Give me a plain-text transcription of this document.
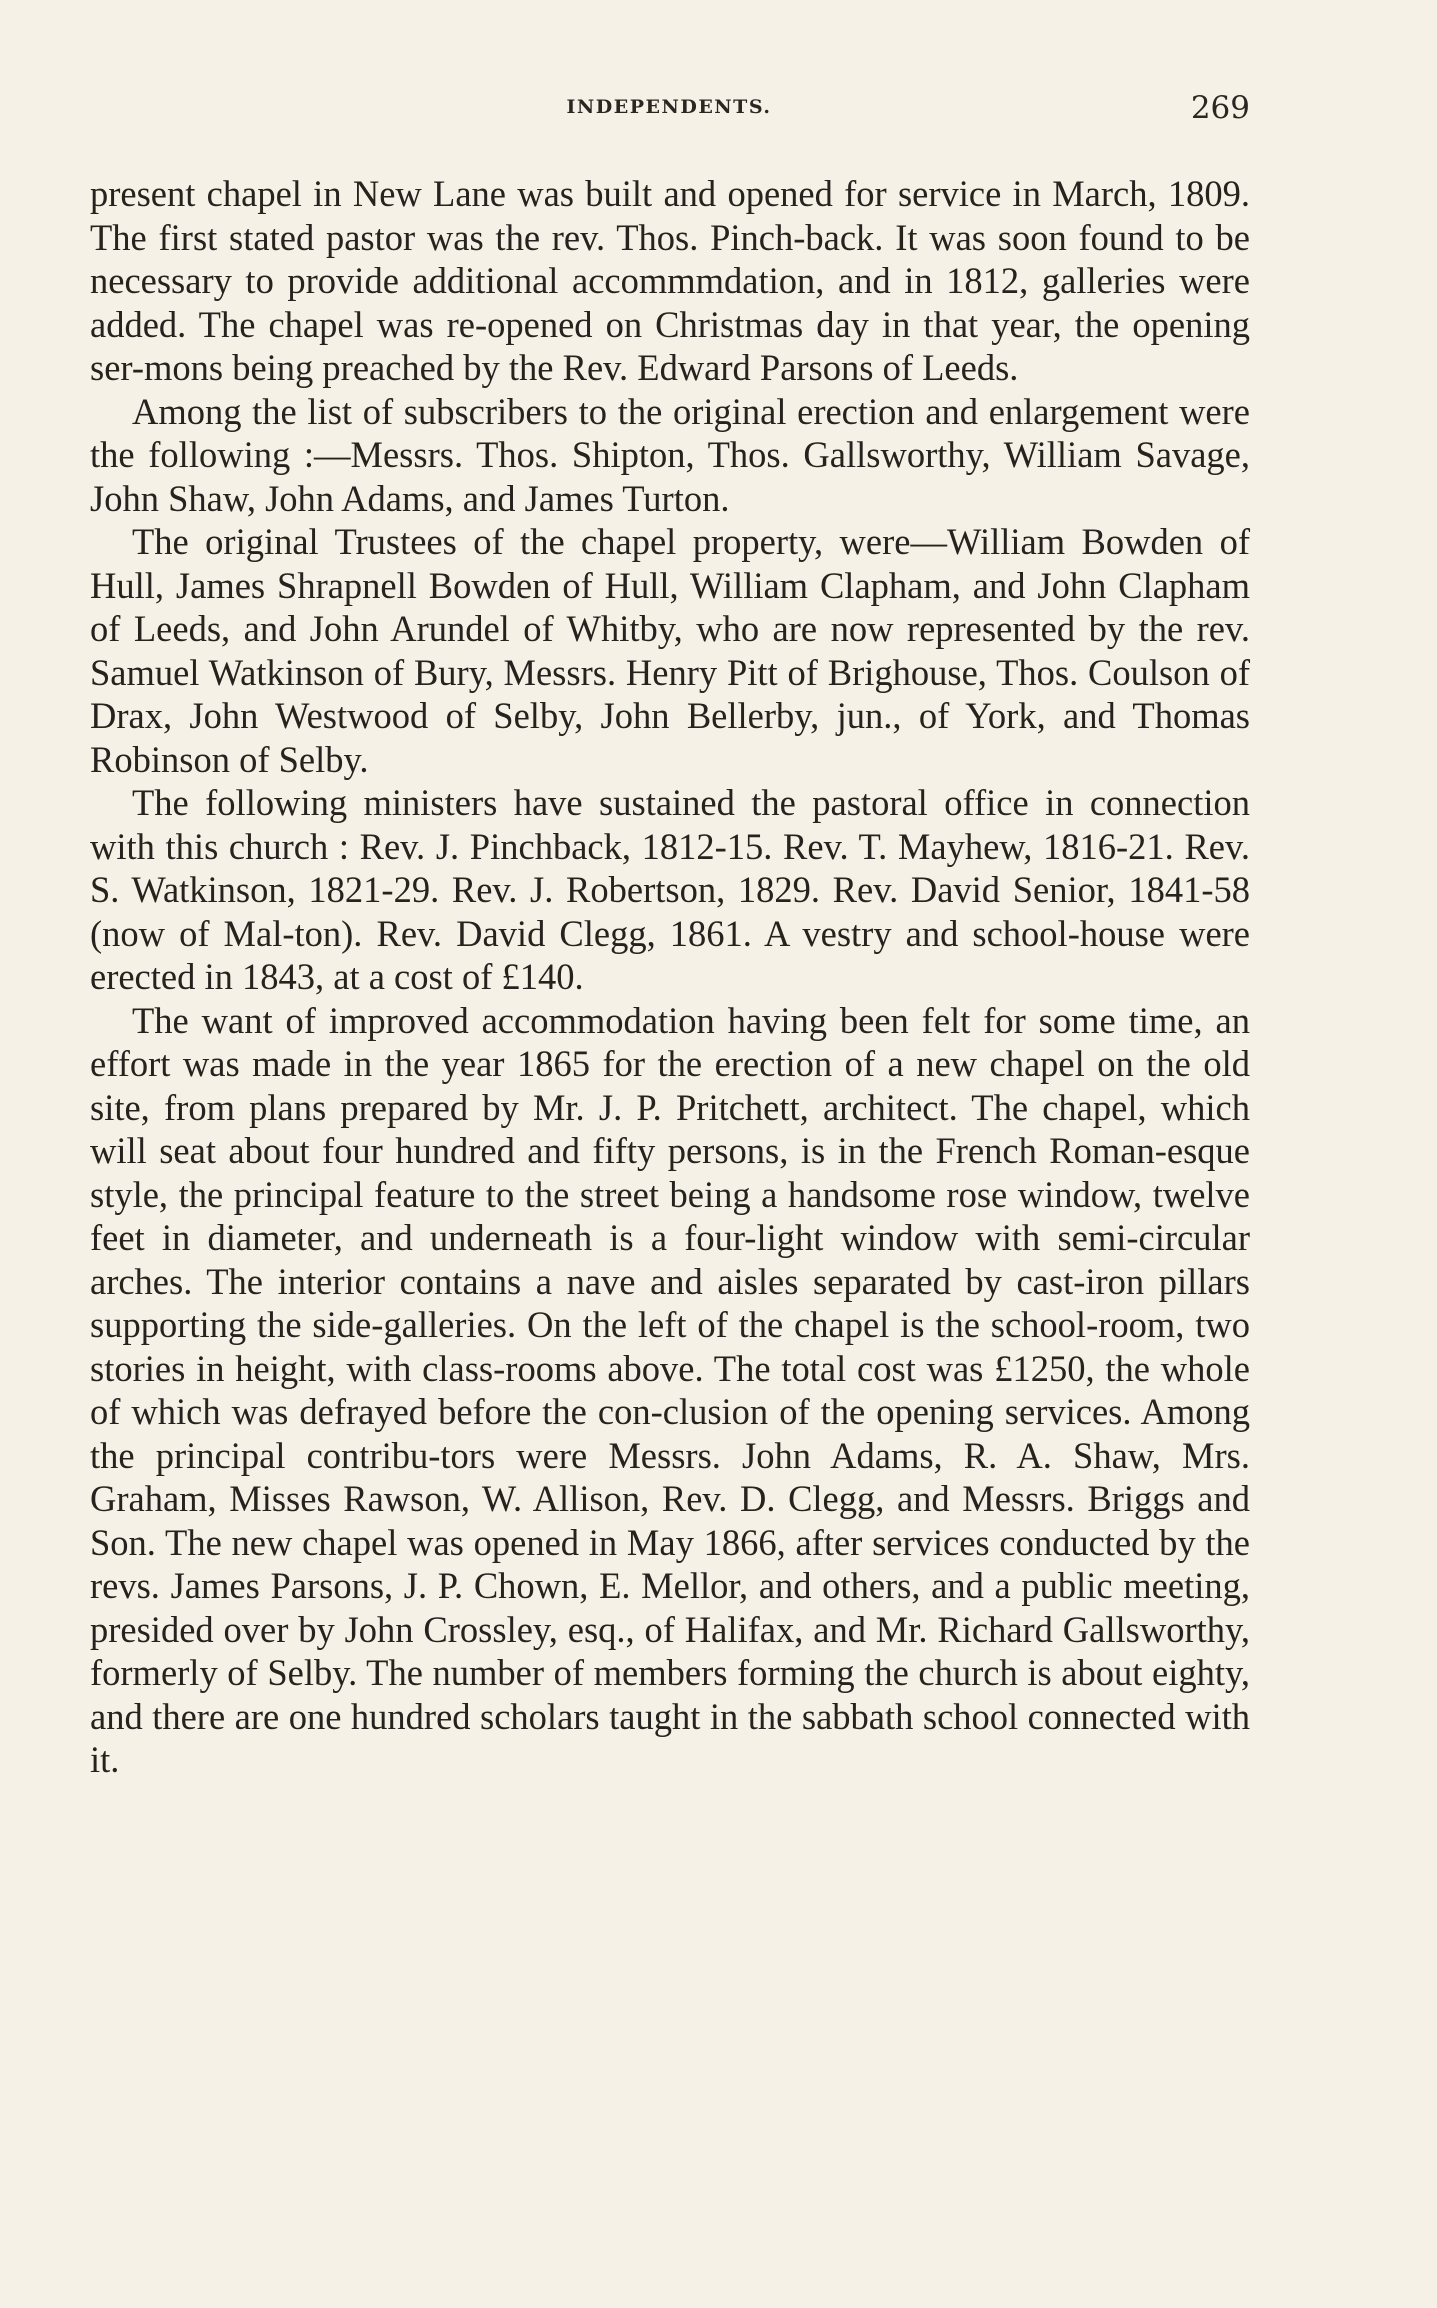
INDEPENDENTS.	269

present chapel in New Lane was built and opened for service in March, 1809. The first stated pastor was the rev. Thos. Pinch-back. It was soon found to be necessary to provide additional accommmdation, and in 1812, galleries were added. The chapel was re-opened on Christmas day in that year, the opening ser-mons being preached by the Rev. Edward Parsons of Leeds.

Among the list of subscribers to the original erection and enlargement were the following :—Messrs. Thos. Shipton, Thos. Gallsworthy, William Savage, John Shaw, John Adams, and James Turton.

The original Trustees of the chapel property, were—William Bowden of Hull, James Shrapnell Bowden of Hull, William Clapham, and John Clapham of Leeds, and John Arundel of Whitby, who are now represented by the rev. Samuel Watkinson of Bury, Messrs. Henry Pitt of Brighouse, Thos. Coulson of Drax, John Westwood of Selby, John Bellerby, jun., of York, and Thomas Robinson of Selby.

The following ministers have sustained the pastoral office in connection with this church : Rev. J. Pinchback, 1812-15. Rev. T. Mayhew, 1816-21. Rev. S. Watkinson, 1821-29. Rev. J. Robertson, 1829. Rev. David Senior, 1841-58 (now of Mal-ton). Rev. David Clegg, 1861. A vestry and school-house were erected in 1843, at a cost of £140.

The want of improved accommodation having been felt for some time, an effort was made in the year 1865 for the erection of a new chapel on the old site, from plans prepared by Mr. J. P. Pritchett, architect. The chapel, which will seat about four hundred and fifty persons, is in the French Roman-esque style, the principal feature to the street being a handsome rose window, twelve feet in diameter, and underneath is a four-light window with semi-circular arches. The interior contains a nave and aisles separated by cast-iron pillars supporting the side-galleries. On the left of the chapel is the school-room, two stories in height, with class-rooms above. The total cost was £1250, the whole of which was defrayed before the con-clusion of the opening services. Among the principal contribu-tors were Messrs. John Adams, R. A. Shaw, Mrs. Graham, Misses Rawson, W. Allison, Rev. D. Clegg, and Messrs. Briggs and Son. The new chapel was opened in May 1866, after services conducted by the revs. James Parsons, J. P. Chown, E. Mellor, and others, and a public meeting, presided over by John Crossley, esq., of Halifax, and Mr. Richard Gallsworthy, formerly of Selby. The number of members forming the church is about eighty, and there are one hundred scholars taught in the sabbath school connected with it.
